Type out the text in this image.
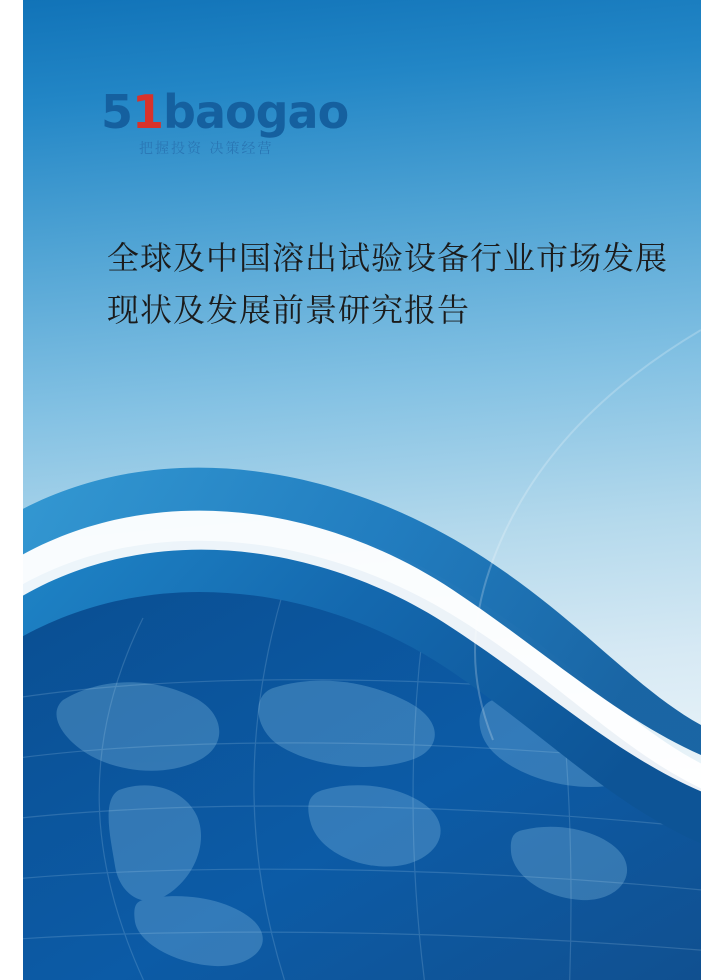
51baogao
把握投资 决策经营
全球及中国溶出试验设备行业市场发展现状及发展前景研究报告
